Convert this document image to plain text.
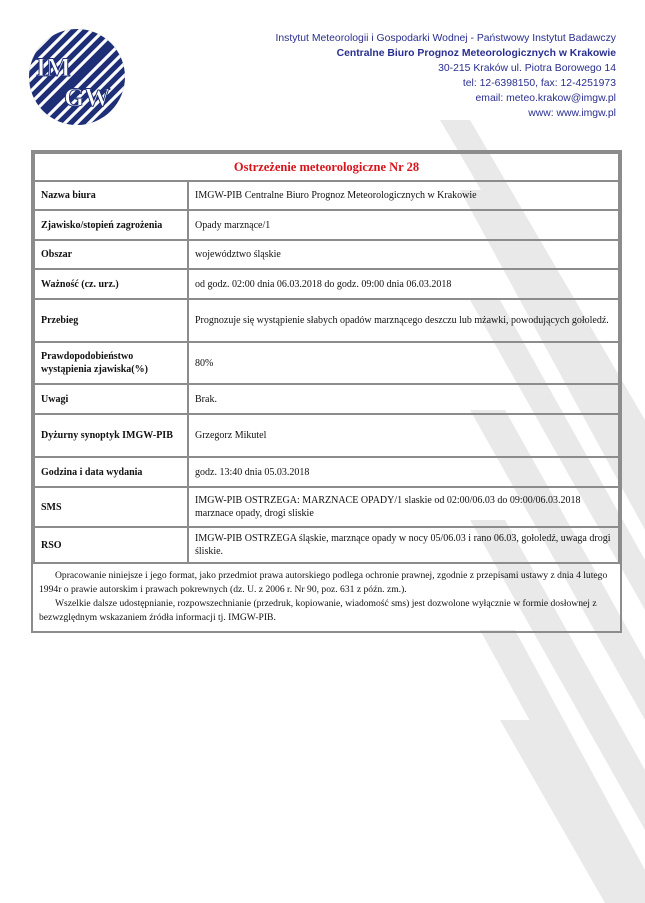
IM
GW
Instytut Meteorologii i Gospodarki Wodnej - Państwowy Instytut Badawczy
Centralne Biuro Prognoz Meteorologicznych w Krakowie
30-215 Kraków ul. Piotra Borowego 14
tel: 12-6398150, fax: 12-4251973
email: meteo.krakow@imgw.pl
www: www.imgw.pl
Ostrzeżenie meteorologiczne Nr 28	
Nazwa biura	IMGW-PIB Centralne Biuro Prognoz Meteorologicznych w Krakowie
Zjawisko/stopień zagrożenia	Opady marznące/1
Obszar	województwo śląskie
Ważność (cz. urz.)	od godz. 02:00 dnia 06.03.2018 do godz. 09:00 dnia 06.03.2018
Przebieg	Prognozuje się wystąpienie słabych opadów marznącego deszczu lub mżawki, powodujących gołoledź.
Prawdopodobieństwo wystąpienia zjawiska(%)	80%
Uwagi	Brak.
Dyżurny synoptyk IMGW-PIB	Grzegorz Mikutel
Godzina i data wydania	godz. 13:40 dnia 05.03.2018
SMS	IMGW-PIB OSTRZEGA: MARZNACE OPADY/1 slaskie od 02:00/06.03 do 09:00/06.03.2018 marznace opady, drogi sliskie
RSO	IMGW-PIB OSTRZEGA śląskie, marznące opady w nocy 05/06.03 i rano 06.03, gołoledź, uwaga drogi śliskie.

Opracowanie niniejsze i jego format, jako przedmiot prawa autorskiego podlega ochronie prawnej, zgodnie z przepisami ustawy z dnia 4 lutego 1994r o prawie autorskim i prawach pokrewnych (dz. U. z 2006 r. Nr 90, poz. 631 z późn. zm.).

Wszelkie dalsze udostępnianie, rozpowszechnianie (przedruk, kopiowanie, wiadomość sms) jest dozwolone wyłącznie w formie dosłownej z bezwzględnym wskazaniem źródła informacji tj. IMGW-PIB.
